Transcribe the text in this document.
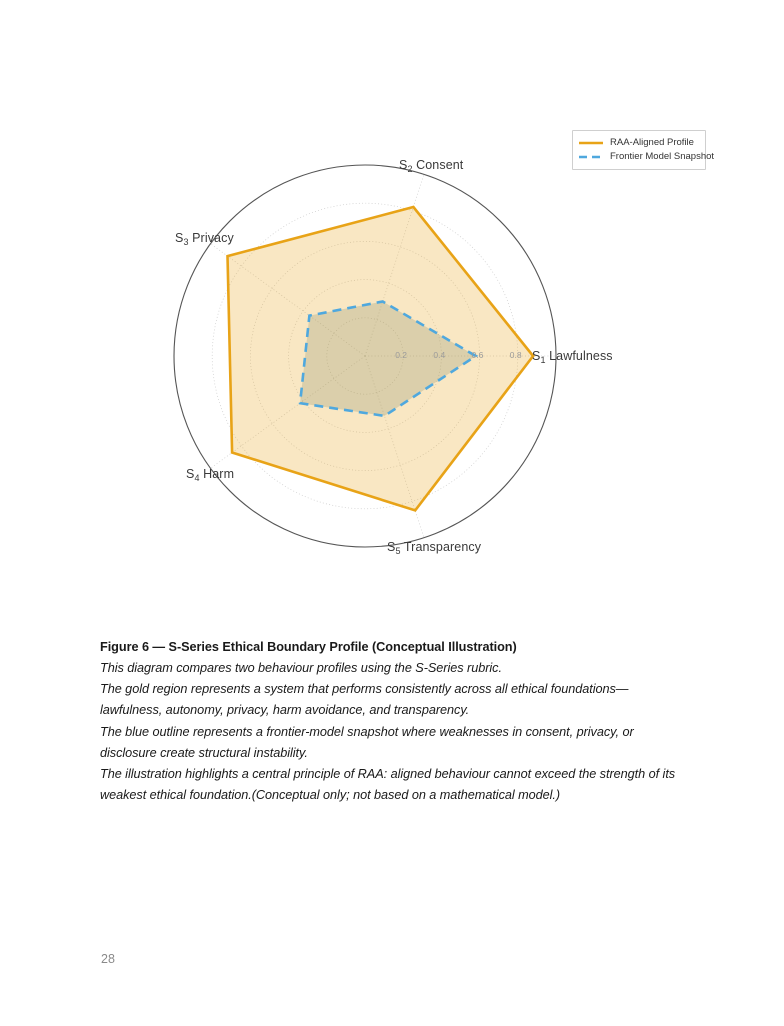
0.2	0.4	0.6	0.8 $S_1$ Lawfulness
$S_2$ Consent
$S_3$ Privacy
$S_4$ Harm
$S_5$ Transparency
RAA-Aligned Profile
Frontier Model Snapshot
Figure 6 — S-Series Ethical Boundary Profile (Conceptual Illustration)
This diagram compares two behaviour profiles using the S-Series rubric.
The gold region represents a system that performs consistently across all ethical foundations—lawfulness, autonomy, privacy, harm avoidance, and transparency.
The blue outline represents a frontier-model snapshot where weaknesses in consent, privacy, or disclosure create structural instability.
The illustration highlights a central principle of RAA: aligned behaviour cannot exceed the strength of its weakest ethical foundation.(Conceptual only; not based on a mathematical model.)
28
